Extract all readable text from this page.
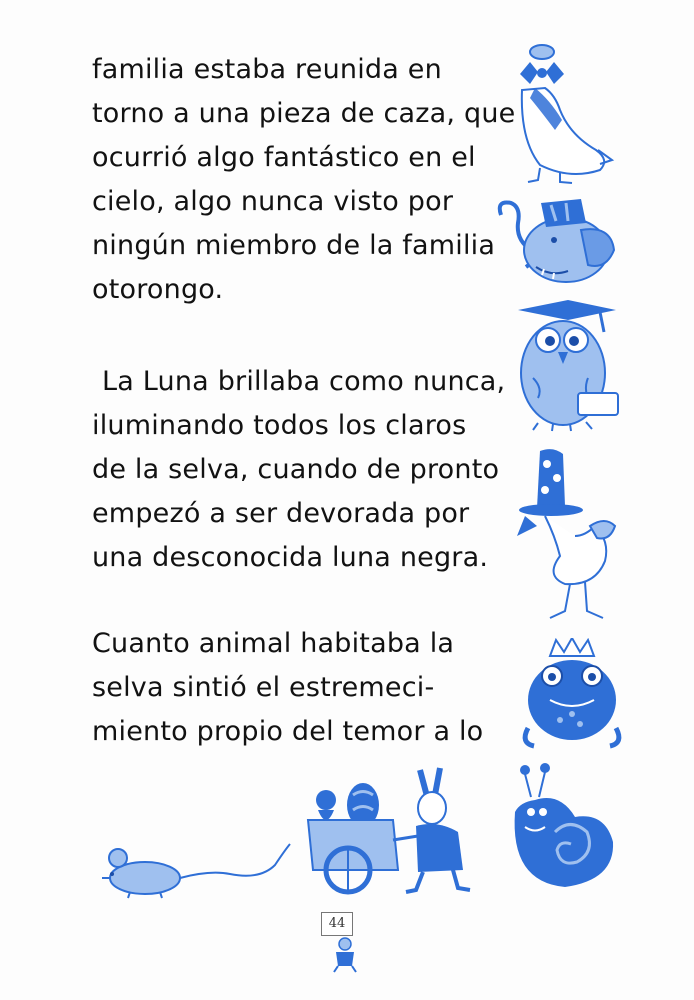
familia estaba reunida en
torno a una pieza de caza, que
ocurrió algo fantástico en el
cielo, algo nunca visto por
ningún miembro de la familia
otorongo.
La Luna brillaba como nunca,
iluminando todos los claros
de la selva, cuando de pronto
empezó a ser devorada por
una desconocida luna negra.
Cuanto animal habitaba la
selva sintió el estremeci-
miento propio del temor a lo
44
